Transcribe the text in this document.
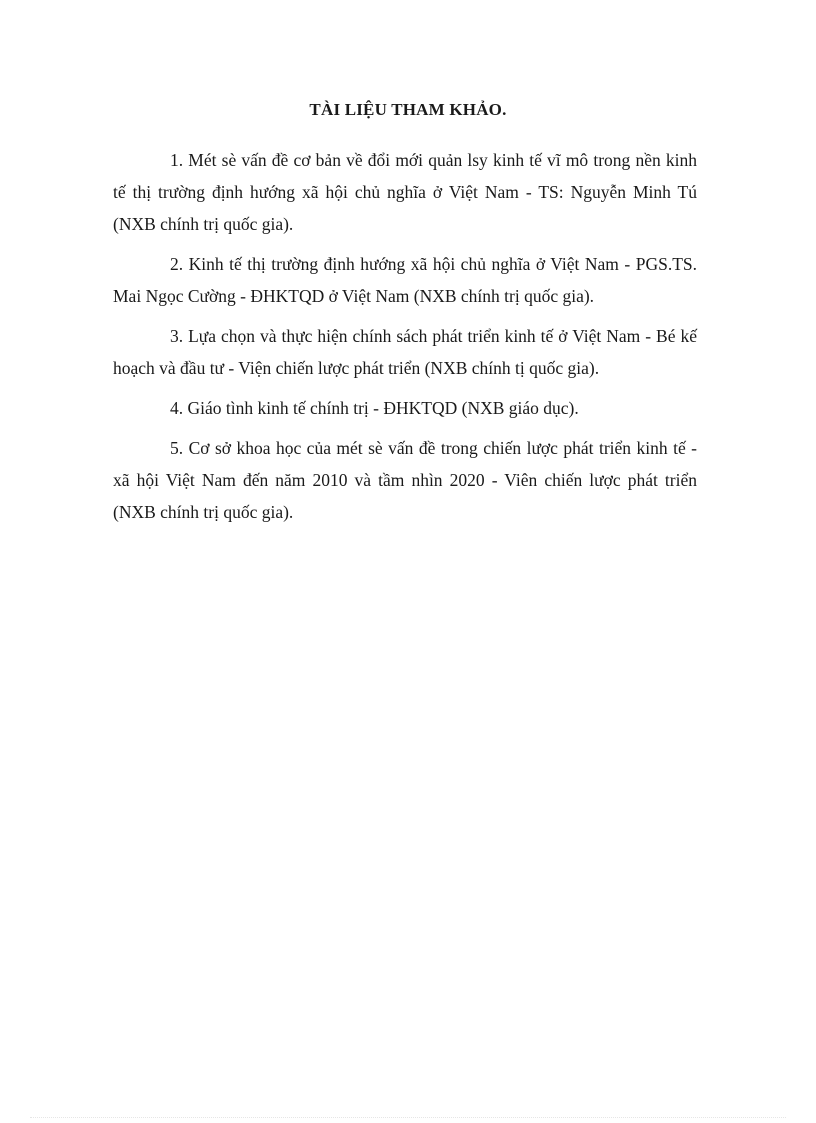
TÀI LIỆU THAM KHẢO.

1. Mét sè vấn đề cơ bản về đổi mới quản lsy kinh tế vĩ mô trong nền kinh tế thị trường định hướng xã hội chủ nghĩa ở Việt Nam - TS: Nguyễn Minh Tú (NXB chính trị quốc gia).

2. Kinh tế thị trường định hướng xã hội chủ nghĩa ở Việt Nam - PGS.TS. Mai Ngọc Cường - ĐHKTQD ở Việt Nam (NXB chính trị quốc gia).

3. Lựa chọn và thực hiện chính sách phát triển kinh tế ở Việt Nam - Bé kế hoạch và đầu tư - Viện chiến lược phát triển (NXB chính tị quốc gia).

4. Giáo tình kinh tế chính trị - ĐHKTQD (NXB giáo dục).

5. Cơ sở khoa học của mét sè vấn đề trong chiến lược phát triển kinh tế - xã hội Việt Nam đến năm 2010 và tầm nhìn 2020 - Viên chiến lược phát triển (NXB chính trị quốc gia).
